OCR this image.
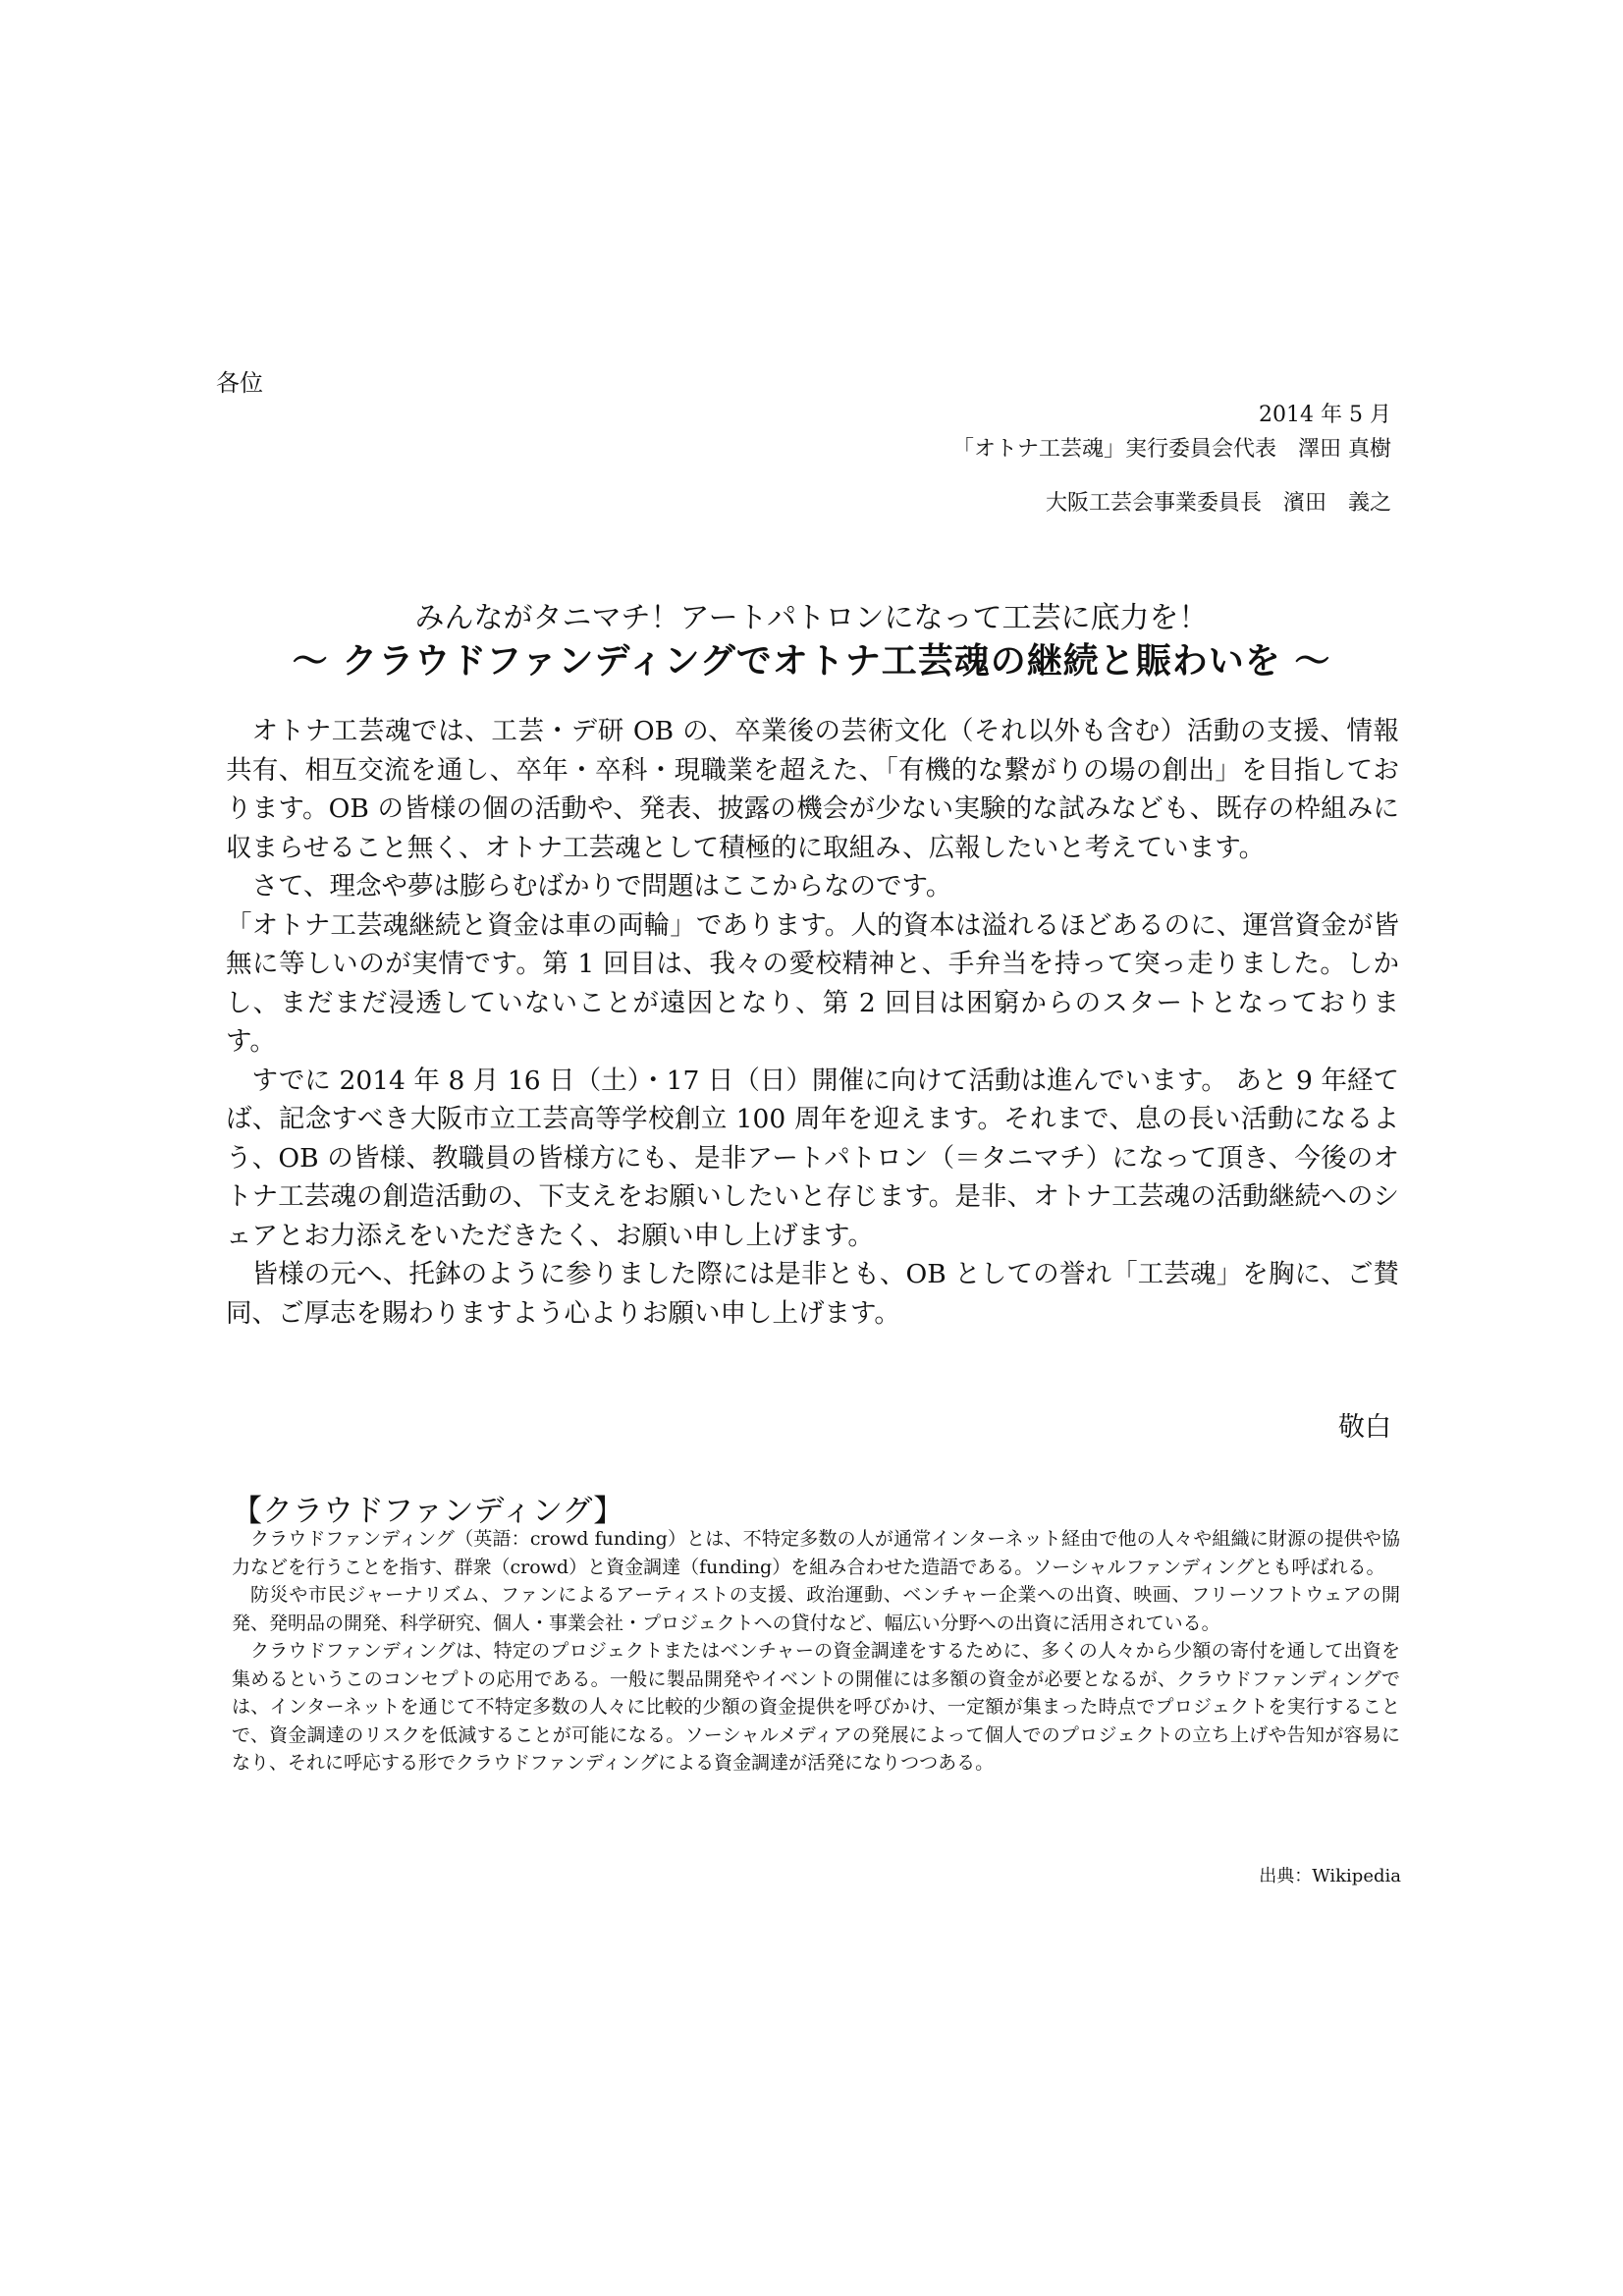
各位
2014 年 5 月
「オトナ工芸魂」実行委員会代表　澤田 真樹
大阪工芸会事業委員長　濱田　義之
みんながタニマチ！アートパトロンになって工芸に底力を！
～ クラウドファンディングでオトナ工芸魂の継続と賑わいを ～

オトナ工芸魂では、工芸・デ研 OB の、卒業後の芸術文化（それ以外も含む）活動の支援、情報共有、相互交流を通し、卒年・卒科・現職業を超えた、「有機的な繋がりの場の創出」を目指しております。OB の皆様の個の活動や、発表、披露の機会が少ない実験的な試みなども、既存の枠組みに収まらせること無く、オトナ工芸魂として積極的に取組み、広報したいと考えています。

さて、理念や夢は膨らむばかりで問題はここからなのです。

「オトナ工芸魂継続と資金は車の両輪」であります。人的資本は溢れるほどあるのに、運営資金が皆無に等しいのが実情です。第 1 回目は、我々の愛校精神と、手弁当を持って突っ走りました。しかし、まだまだ浸透していないことが遠因となり、第 2 回目は困窮からのスタートとなっております。

すでに 2014 年 8 月 16 日（土）・17 日（日）開催に向けて活動は進んでいます。 あと 9 年経てば、記念すべき大阪市立工芸高等学校創立 100 周年を迎えます。それまで、息の長い活動になるよう、OB の皆様、教職員の皆様方にも、是非アートパトロン（＝タニマチ）になって頂き、今後のオトナ工芸魂の創造活動の、下支えをお願いしたいと存じます。是非、オトナ工芸魂の活動継続へのシェアとお力添えをいただきたく、お願い申し上げます。

皆様の元へ、托鉢のように参りました際には是非とも、OB としての誉れ「工芸魂」を胸に、ご賛同、ご厚志を賜わりますよう心よりお願い申し上げます。

敬白
【クラウドファンディング】

クラウドファンディング（英語：crowd funding）とは、不特定多数の人が通常インターネット経由で他の人々や組織に財源の提供や協力などを行うことを指す、群衆（crowd）と資金調達（funding）を組み合わせた造語である。ソーシャルファンディングとも呼ばれる。

防災や市民ジャーナリズム、ファンによるアーティストの支援、政治運動、ベンチャー企業への出資、映画、フリーソフトウェアの開発、発明品の開発、科学研究、個人・事業会社・プロジェクトへの貸付など、幅広い分野への出資に活用されている。

クラウドファンディングは、特定のプロジェクトまたはベンチャーの資金調達をするために、多くの人々から少額の寄付を通して出資を集めるというこのコンセプトの応用である。一般に製品開発やイベントの開催には多額の資金が必要となるが、クラウドファンディングでは、インターネットを通じて不特定多数の人々に比較的少額の資金提供を呼びかけ、一定額が集まった時点でプロジェクトを実行することで、資金調達のリスクを低減することが可能になる。ソーシャルメディアの発展によって個人でのプロジェクトの立ち上げや告知が容易になり、それに呼応する形でクラウドファンディングによる資金調達が活発になりつつある。

出典：Wikipedia
